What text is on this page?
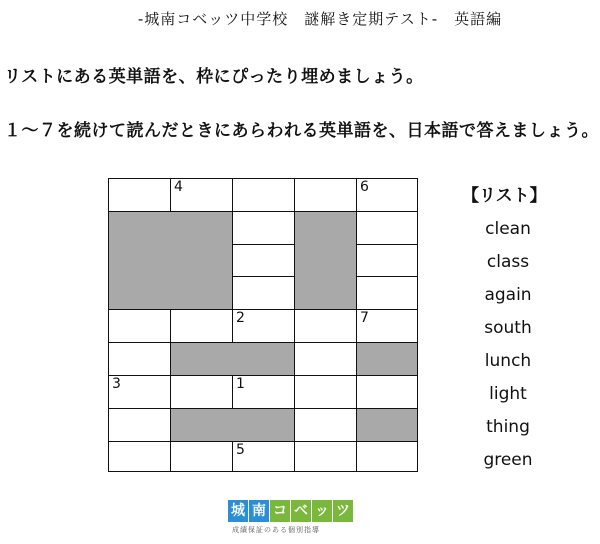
-城南コベッツ中学校　謎解き定期テスト-　英語編
リストにある英単語を、枠にぴったり埋めましょう。
１～７を続けて読んだときにあらわれる英単語を、日本語で答えましょう。
4	6
2	7
3	1
5
【リスト】
clean
class
again
south
lunch
light
thing
green
城 南 コ ベ ッ ツ
成績保証のある個別指導
